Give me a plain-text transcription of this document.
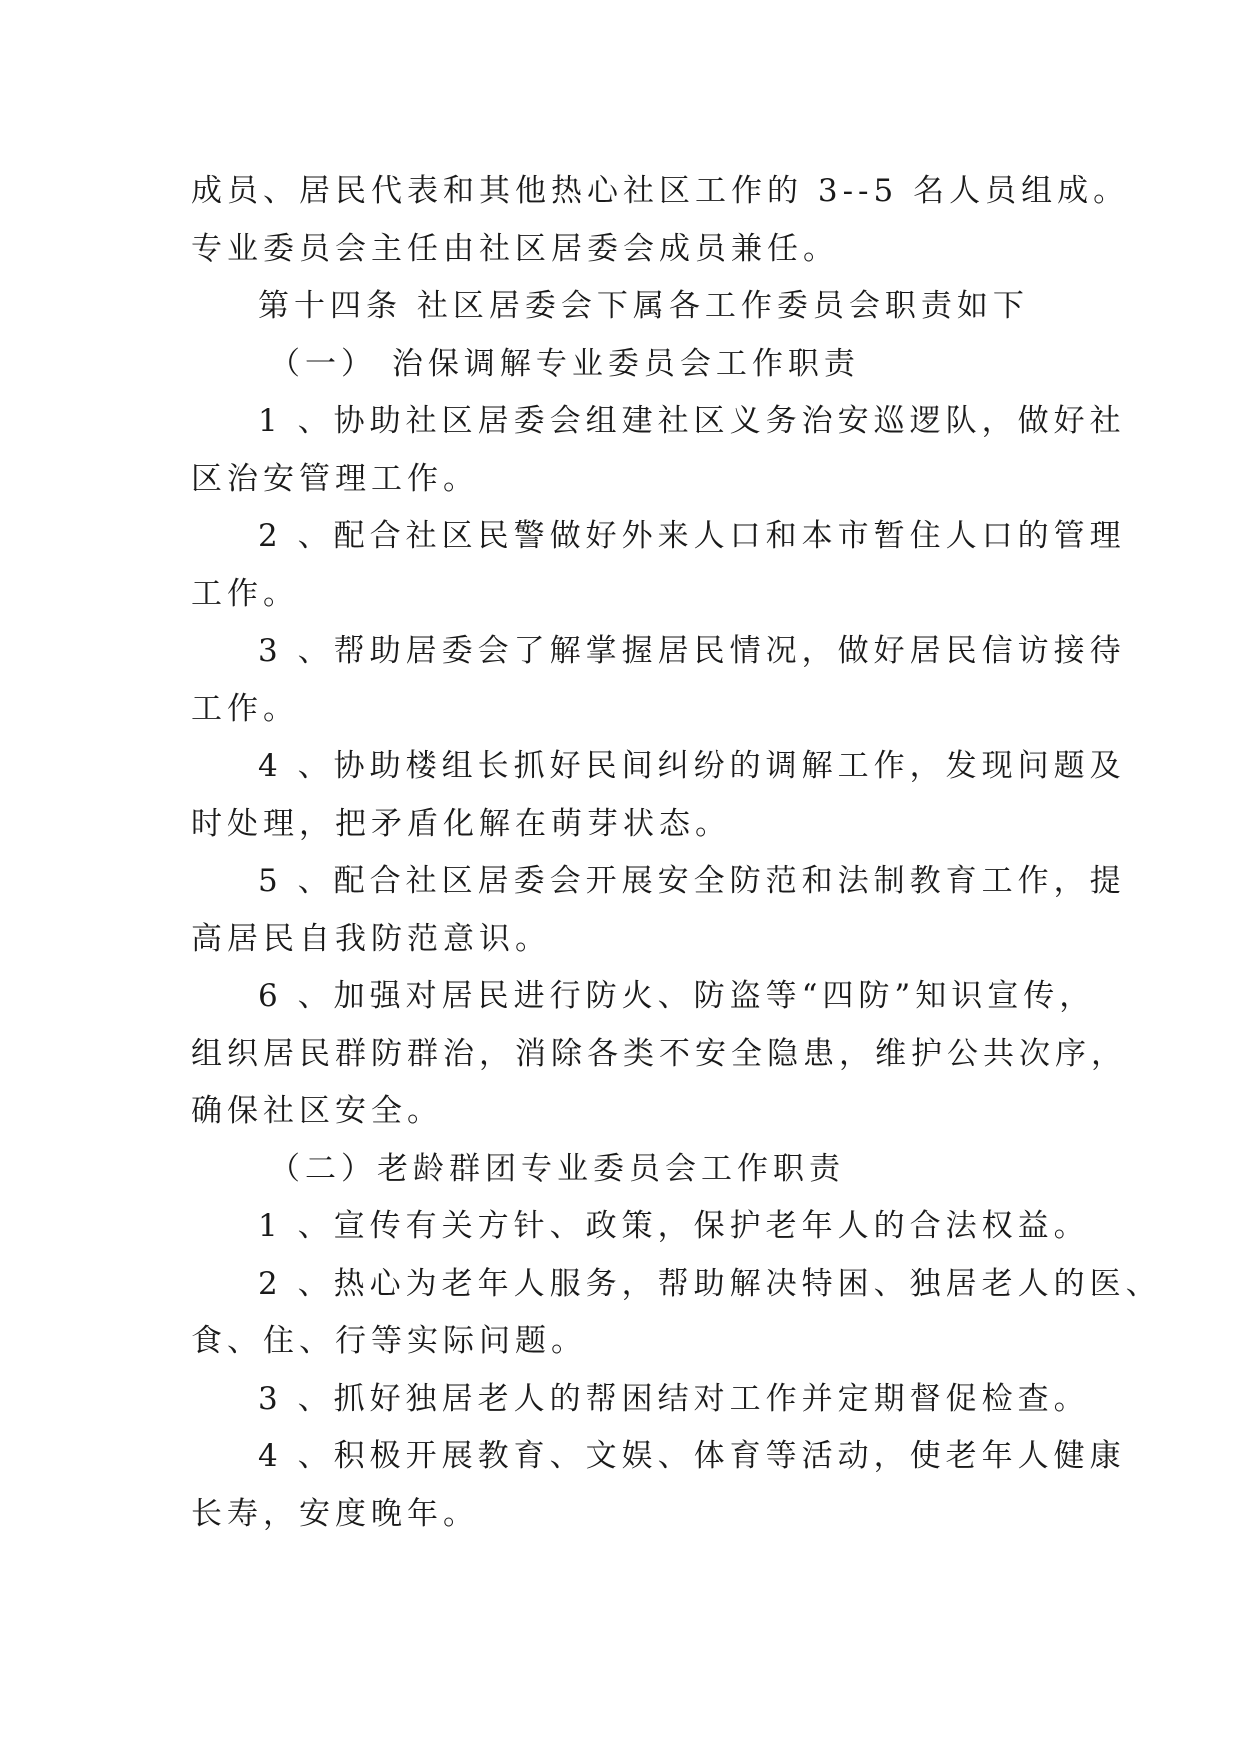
成员、居民代表和其他热心社区工作的 3--5 名人员组成。

专业委员会主任由社区居委会成员兼任。

第十四条 社区居委会下属各工作委员会职责如下

（一） 治保调解专业委员会工作职责

1 、协助社区居委会组建社区义务治安巡逻队，做好社

区治安管理工作。

2 、配合社区民警做好外来人口和本市暂住人口的管理

工作。

3 、帮助居委会了解掌握居民情况，做好居民信访接待

工作。

4 、协助楼组长抓好民间纠纷的调解工作，发现问题及

时处理，把矛盾化解在萌芽状态。

5 、配合社区居委会开展安全防范和法制教育工作，提

高居民自我防范意识。

6 、加强对居民进行防火、防盗等“四防”知识宣传，

组织居民群防群治，消除各类不安全隐患，维护公共次序，

确保社区安全。

（二）老龄群团专业委员会工作职责

1 、宣传有关方针、政策，保护老年人的合法权益。

2 、热心为老年人服务，帮助解决特困、独居老人的医、

食、住、行等实际问题。

3 、抓好独居老人的帮困结对工作并定期督促检查。

4 、积极开展教育、文娱、体育等活动，使老年人健康

长寿，安度晚年。
